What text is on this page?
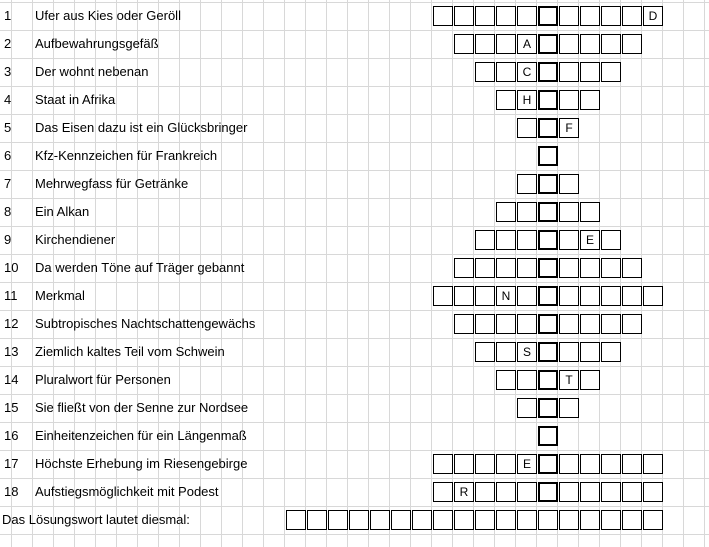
1 Ufer aus Kies oder Geröll	D
2 Aufbewahrungsgefäß	A
3 Der wohnt nebenan	C
4 Staat in Afrika	H
5 Das Eisen dazu ist ein Glücksbringer	F
6 Kfz-Kennzeichen für Frankreich
7 Mehrwegfass für Getränke
8 Ein Alkan
9 Kirchendiener	E
10 Da werden Töne auf Träger gebannt
11 Merkmal	N
12 Subtropisches Nachtschattengewächs
13 Ziemlich kaltes Teil vom Schwein	S
14 Pluralwort für Personen	T
15 Sie fließt von der Senne zur Nordsee
16 Einheitenzeichen für ein Längenmaß
17 Höchste Erhebung im Riesengebirge	E
18 Aufstiegsmöglichkeit mit Podest	R
Das Lösungswort lautet diesmal:
